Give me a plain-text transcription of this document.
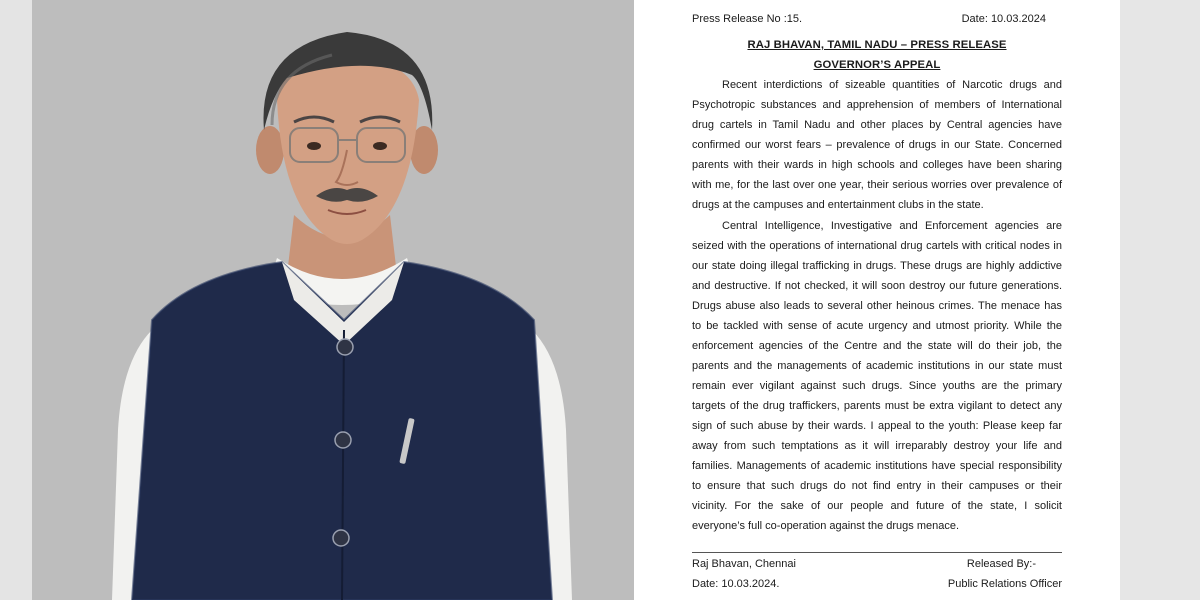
Press Release No :15.	Date: 10.03.2024
RAJ BHAVAN, TAMIL NADU – PRESS RELEASE
GOVERNOR’S APPEAL

Recent interdictions of sizeable quantities of Narcotic drugs and Psychotropic substances and apprehension of members of International drug cartels in Tamil Nadu and other places by Central agencies have confirmed our worst fears – prevalence of drugs in our State. Concerned parents with their wards in high schools and colleges have been sharing with me, for the last over one year, their serious worries over prevalence of drugs at the campuses and entertainment clubs in the state.

Central Intelligence, Investigative and Enforcement agencies are seized with the operations of international drug cartels with critical nodes in our state doing illegal trafficking in drugs. These drugs are highly addictive and destructive. If not checked, it will soon destroy our future generations. Drugs abuse also leads to several other heinous crimes. The menace has to be tackled with sense of acute urgency and utmost priority. While the enforcement agencies of the Centre and the state will do their job, the parents and the managements of academic institutions in our state must remain ever vigilant against such drugs. Since youths are the primary targets of the drug traffickers, parents must be extra vigilant to detect any sign of such abuse by their wards. I appeal to the youth: Please keep far away from such temptations as it will irreparably destroy your life and families. Managements of academic institutions have special responsibility to ensure that such drugs do not find entry in their campuses or their vicinity. For the sake of our people and future of the state, I solicit everyone’s full co-operation against the drugs menace.

Raj Bhavan, Chennai	Released By:-
Date: 10.03.2024.	Public Relations Officer
